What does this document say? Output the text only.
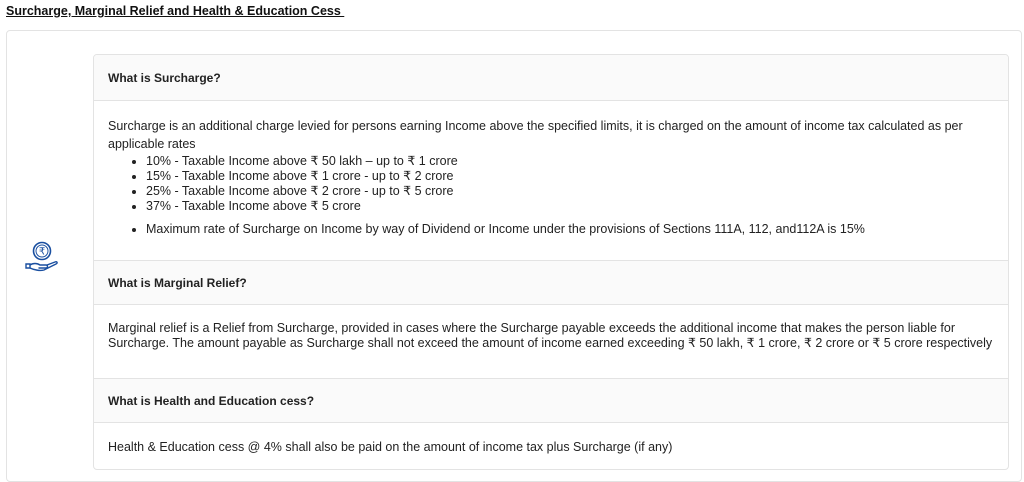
Surcharge, Marginal Relief and Health & Education Cess
₹
What is Surcharge?
Surcharge is an additional charge levied for persons earning Income above the specified limits, it is charged on the amount of income tax calculated as per applicable rates
• 10% - Taxable Income above ₹ 50 lakh – up to ₹ 1 crore
• 15% - Taxable Income above ₹ 1 crore - up to ₹ 2 crore
• 25% - Taxable Income above ₹ 2 crore - up to ₹ 5 crore
• 37% - Taxable Income above ₹ 5 crore
• Maximum rate of Surcharge on Income by way of Dividend or Income under the provisions of Sections 111A, 112, and112A is 15%
What is Marginal Relief?
Marginal relief is a Relief from Surcharge, provided in cases where the Surcharge payable exceeds the additional income that makes the person liable for Surcharge. The amount payable as Surcharge shall not exceed the amount of income earned exceeding ₹ 50 lakh, ₹ 1 crore, ₹ 2 crore or ₹ 5 crore respectively
What is Health and Education cess?
Health & Education cess @ 4% shall also be paid on the amount of income tax plus Surcharge (if any)
